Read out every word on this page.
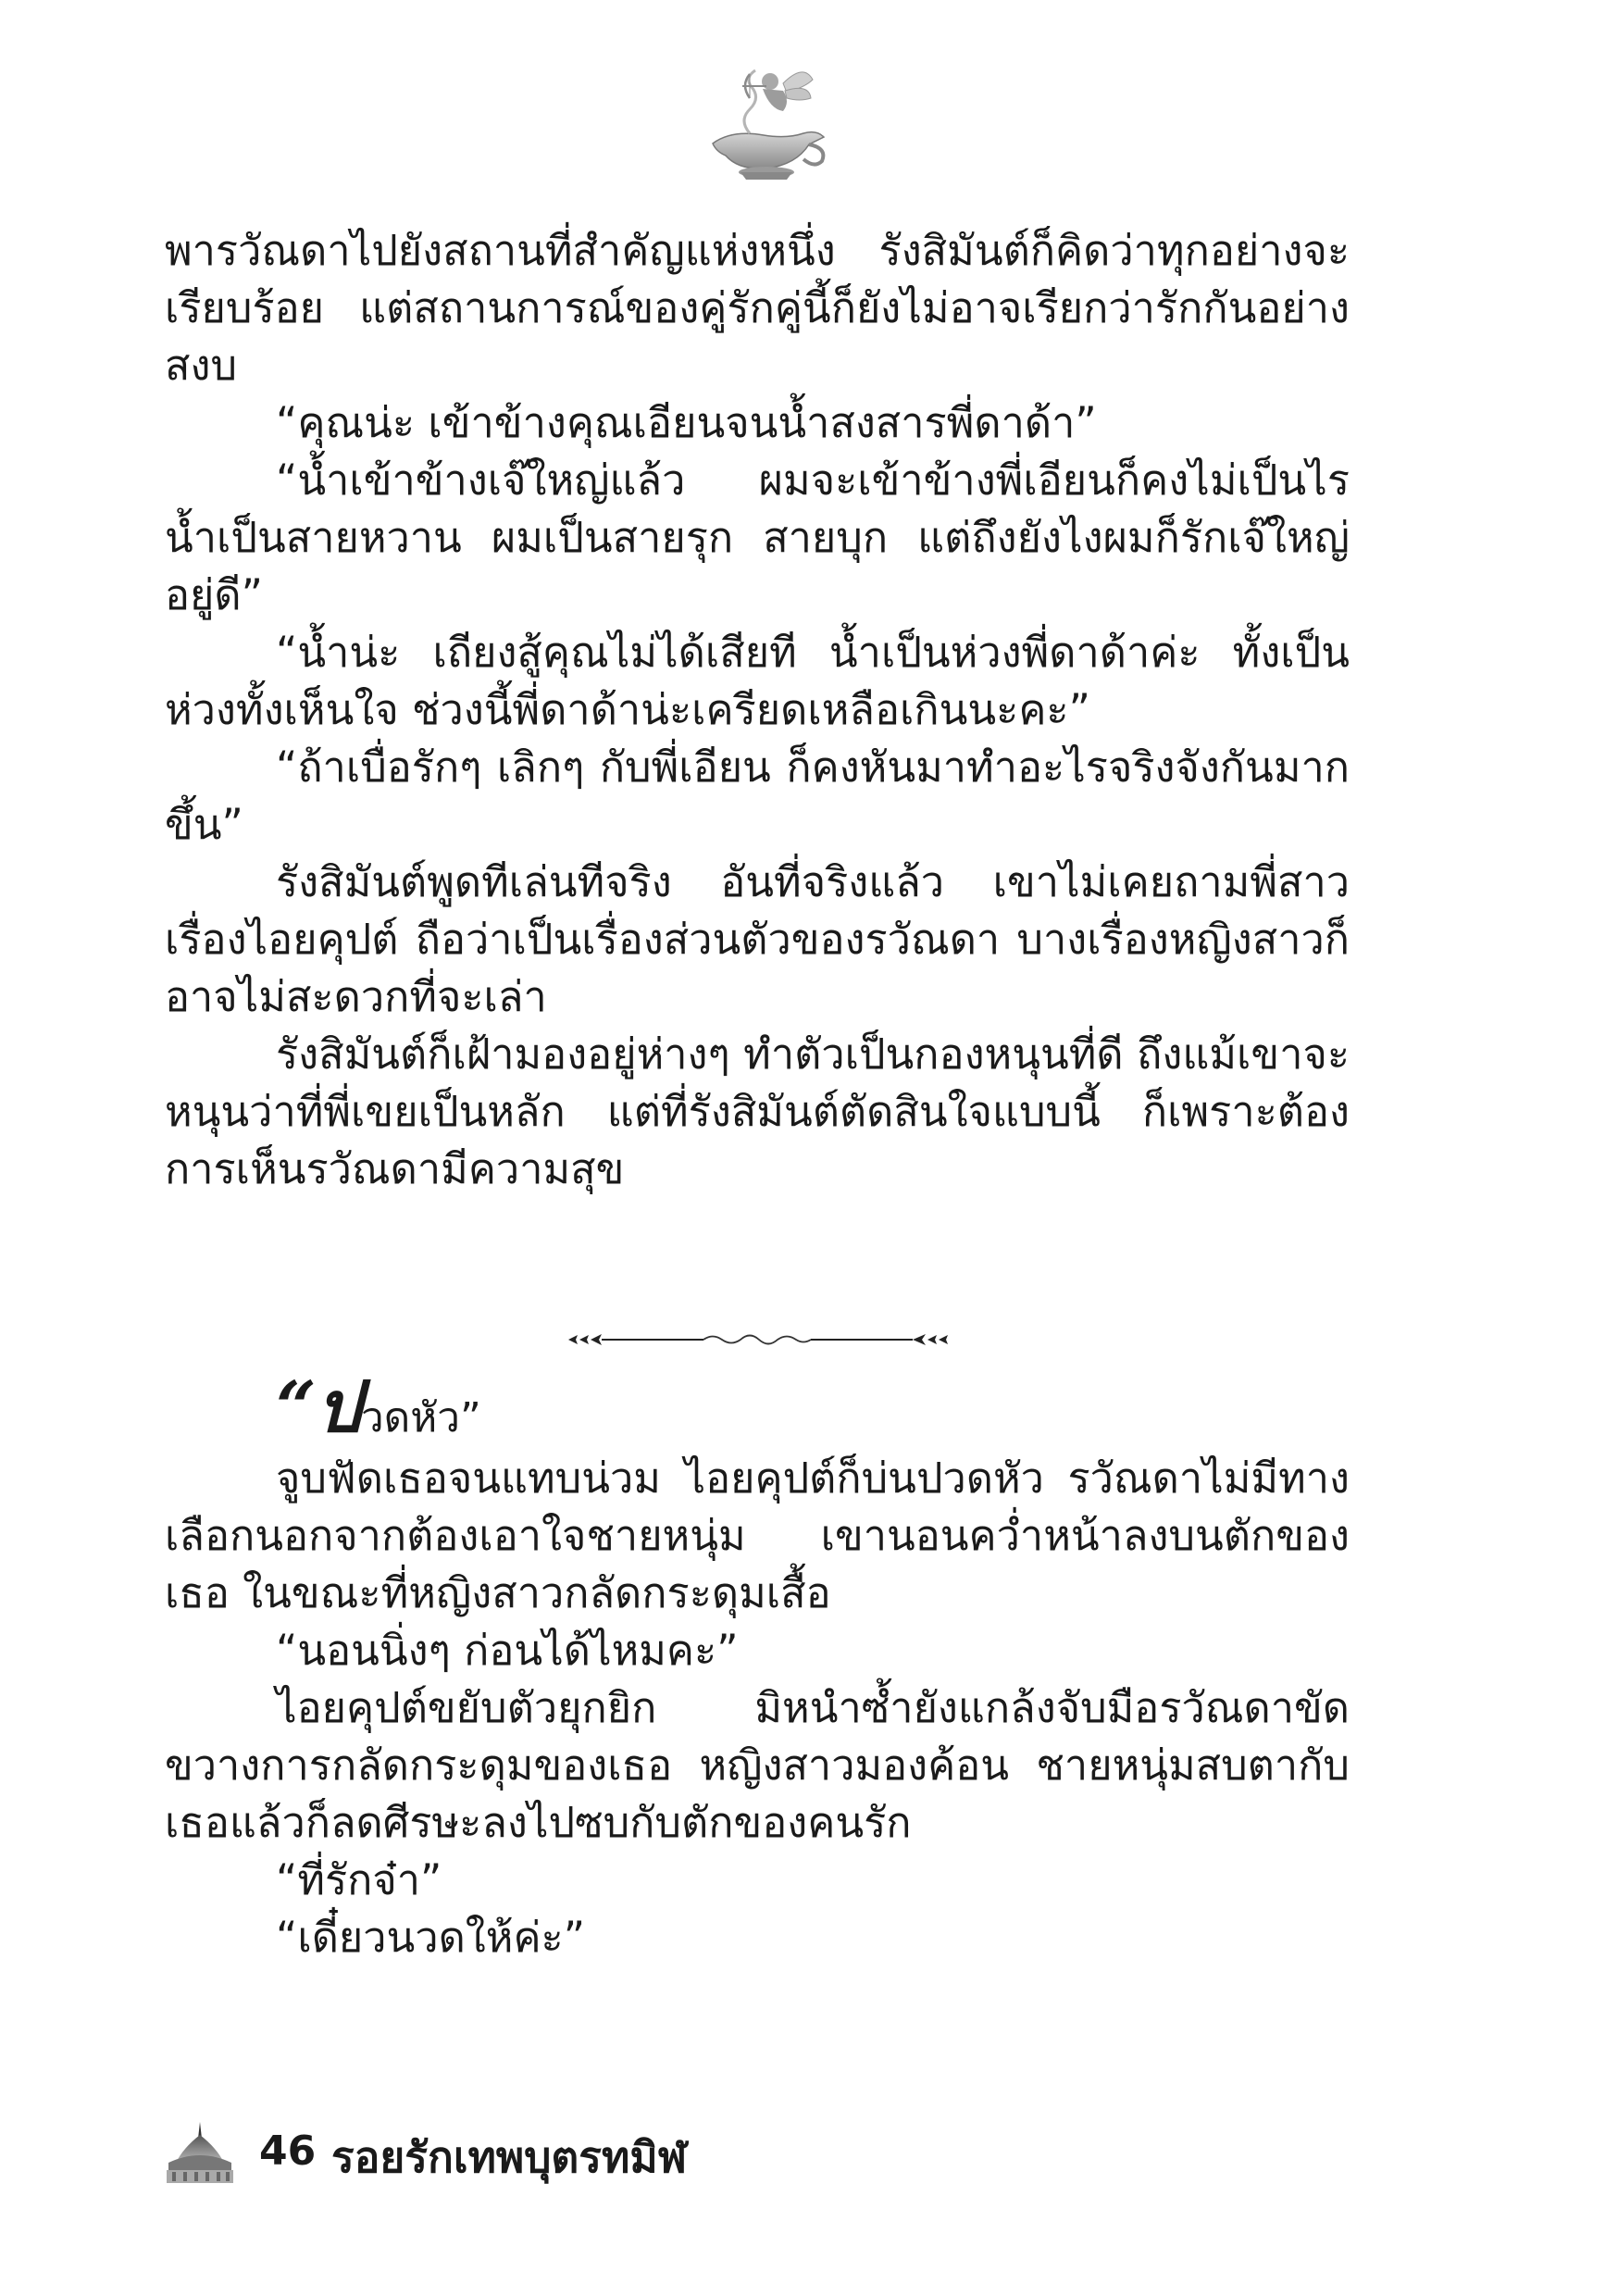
พารวัณดาไปยังสถานที่สำคัญแห่งหนึ่ง รังสิมันต์ก็คิดว่าทุกอย่างจะเรียบร้อย แต่สถานการณ์ของคู่รักคู่นี้ก็ยังไม่อาจเรียกว่ารักกันอย่างสงบ

“คุณน่ะ เข้าข้างคุณเอียนจนน้ำสงสารพี่ดาด้า”

“น้ำเข้าข้างเจ๊ใหญ่แล้ว ผมจะเข้าข้างพี่เอียนก็คงไม่เป็นไร น้ำเป็นสายหวาน ผมเป็นสายรุก สายบุก แต่ถึงยังไงผมก็รักเจ๊ใหญ่อยู่ดี”

“น้ำน่ะ เถียงสู้คุณไม่ได้เสียที น้ำเป็นห่วงพี่ดาด้าค่ะ ทั้งเป็นห่วงทั้งเห็นใจ ช่วงนี้พี่ดาด้าน่ะเครียดเหลือเกินนะคะ”

“ถ้าเบื่อรักๆ เลิกๆ กับพี่เอียน ก็คงหันมาทำอะไรจริงจังกันมากขึ้น”

รังสิมันต์พูดทีเล่นทีจริง อันที่จริงแล้ว เขาไม่เคยถามพี่สาวเรื่องไอยคุปต์ ถือว่าเป็นเรื่องส่วนตัวของรวัณดา บางเรื่องหญิงสาวก็อาจไม่สะดวกที่จะเล่า

รังสิมันต์ก็เฝ้ามองอยู่ห่างๆ ทำตัวเป็นกองหนุนที่ดี ถึงแม้เขาจะหนุนว่าที่พี่เขยเป็นหลัก แต่ที่รังสิมันต์ตัดสินใจแบบนี้ ก็เพราะต้องการเห็นรวัณดามีความสุข

“ปวดหัว”

จูบฟัดเธอจนแทบน่วม ไอยคุปต์ก็บ่นปวดหัว รวัณดาไม่มีทางเลือกนอกจากต้องเอาใจชายหนุ่ม เขานอนคว่ำหน้าลงบนตักของเธอ ในขณะที่หญิงสาวกลัดกระดุมเสื้อ

“นอนนิ่งๆ ก่อนได้ไหมคะ”

ไอยคุปต์ขยับตัวยุกยิก มิหนำซ้ำยังแกล้งจับมือรวัณดาขัดขวางการกลัดกระดุมของเธอ หญิงสาวมองค้อน ชายหนุ่มสบตากับเธอแล้วก็ลดศีรษะลงไปซบกับตักของคนรัก

“ที่รักจ๋า”

“เดี๋ยวนวดให้ค่ะ”

46 รอยรักเทพบุตรทมิฬ
